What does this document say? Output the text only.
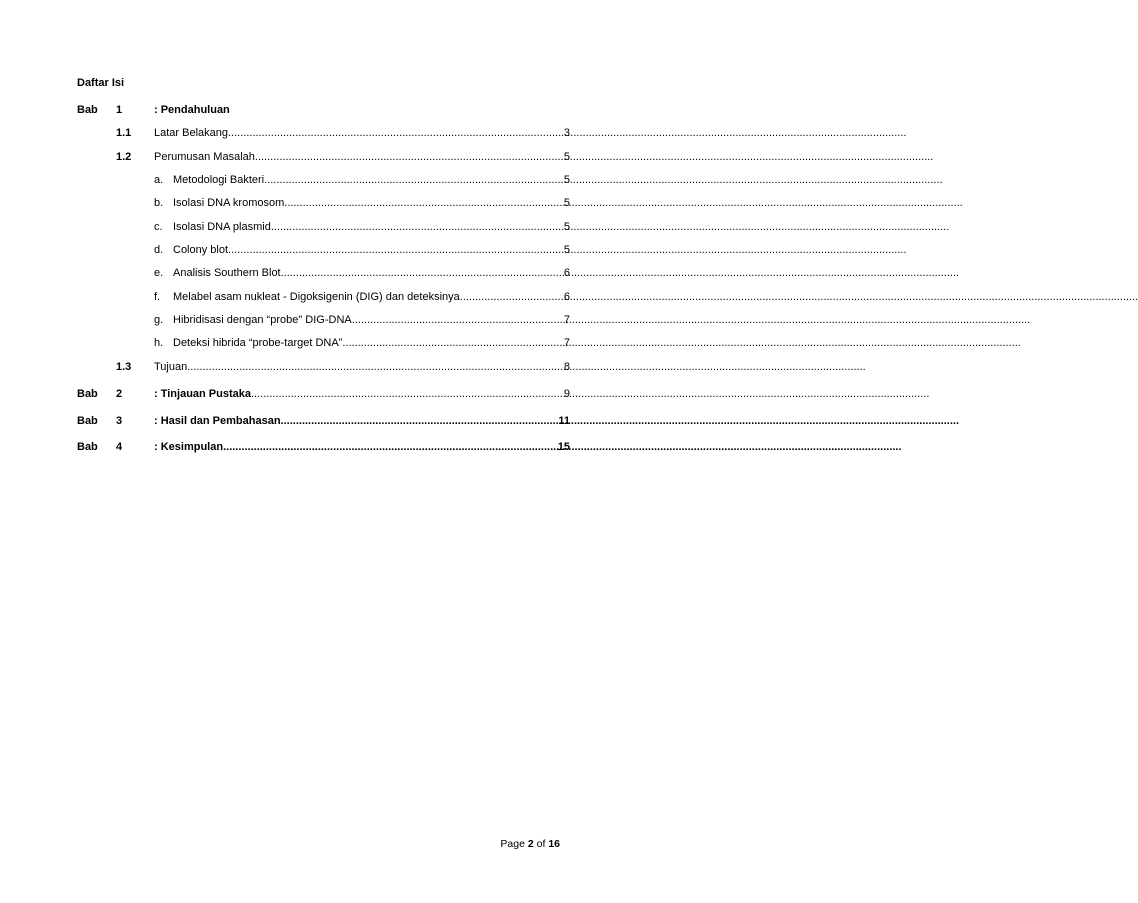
Daftar Isi
Bab 1	: Pendahuluan
1.1 Latar Belakang .....	3
1.2 Perumusan Masalah .....	5
a. Metodologi Bakteri .....	5
b. Isolasi DNA kromosom .....	5
c. Isolasi DNA plasmid .....	5
d. Colony blot .....	5
e. Analisis Southern Blot .....	6
f. Melabel asam nukleat - Digoksigenin (DIG) dan deteksinya .....	6
g. Hibridisasi dengan “probe" DIG-DNA .....	7
h. Deteksi hibrida “probe-target DNA” .....	7
1.3 Tujuan .....	8
Bab 2	: Tinjauan Pustaka .....	9
Bab 3	: Hasil dan Pembahasan .....	11
Bab 4	: Kesimpulan .....	15
Page 2 of 16
